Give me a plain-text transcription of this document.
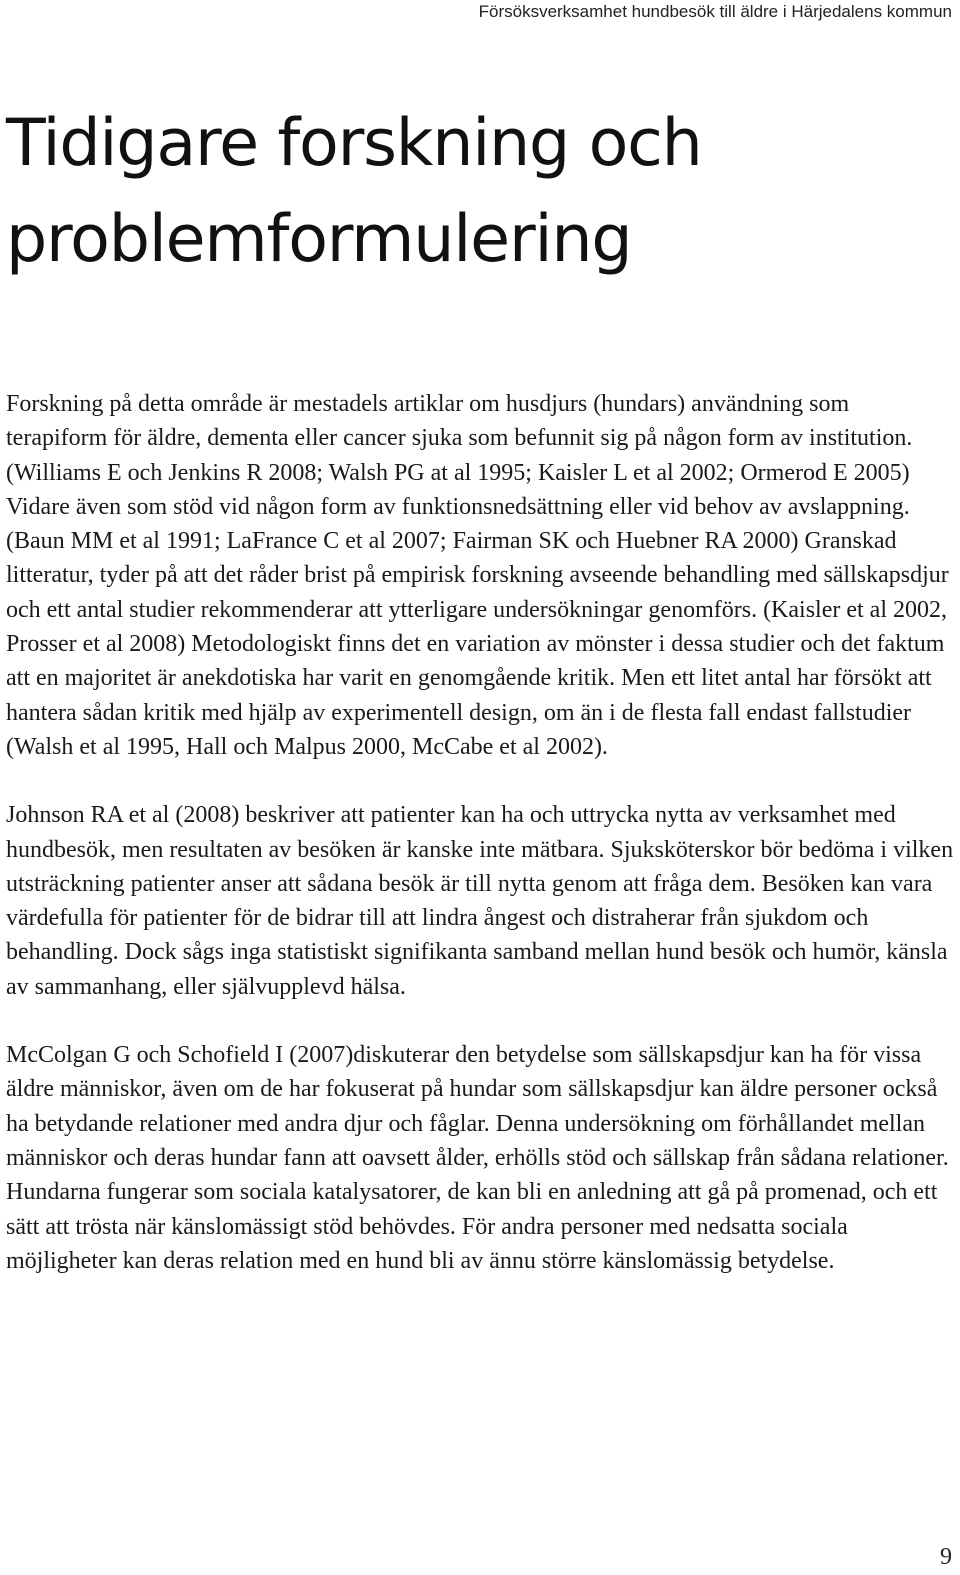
Försöksverksamhet hundbesök till äldre i Härjedalens kommun
Tidigare forskning och
problemformulering

Forskning på detta område är mestadels artiklar om husdjurs (hundars) användning som terapiform för äldre, dementa eller cancer sjuka som befunnit sig på någon form av institution.(Williams E och Jenkins R 2008; Walsh PG at al 1995; Kaisler L et al 2002; Ormerod E 2005) Vidare även som stöd vid någon form av funktionsnedsättning eller vid behov av avslappning. (Baun MM et al 1991; LaFrance C et al 2007; Fairman SK och Huebner RA 2000) Granskad litteratur, tyder på att det råder brist på empirisk forskning avseende behandling med sällskapsdjur och ett antal studier rekommenderar att ytterligare undersökningar genomförs. (Kaisler et al 2002, Prosser et al 2008) Metodologiskt finns det en variation av mönster i dessa studier och det faktum att en majoritet är anekdotiska har varit en genomgående kritik. Men ett litet antal har försökt att hantera sådan kritik med hjälp av experimentell design, om än i de flesta fall endast fallstudier (Walsh et al 1995, Hall och Malpus 2000, McCabe et al 2002).

Johnson RA et al (2008) beskriver att patienter kan ha och uttrycka nytta av verksamhet med hundbesök, men resultaten av besöken är kanske inte mätbara. Sjuksköterskor bör bedöma i vilken utsträckning patienter anser att sådana besök är till nytta genom att fråga dem. Besöken kan vara värdefulla för patienter för de bidrar till att lindra ångest och distraherar från sjukdom och behandling. Dock sågs inga statistiskt signifikanta samband mellan hund besök och humör, känsla av sammanhang, eller självupplevd hälsa.

McColgan G och Schofield I (2007)diskuterar den betydelse som sällskapsdjur kan ha för vissa äldre människor, även om de har fokuserat på hundar som sällskapsdjur kan äldre personer också ha betydande relationer med andra djur och fåglar. Denna undersökning om förhållandet mellan människor och deras hundar fann att oavsett ålder, erhölls stöd och sällskap från sådana relationer. Hundarna fungerar som sociala katalysatorer, de kan bli en anledning att gå på promenad, och ett sätt att trösta när känslomässigt stöd behövdes. För andra personer med nedsatta sociala möjligheter kan deras relation med en hund bli av ännu större känslomässig betydelse.

9
